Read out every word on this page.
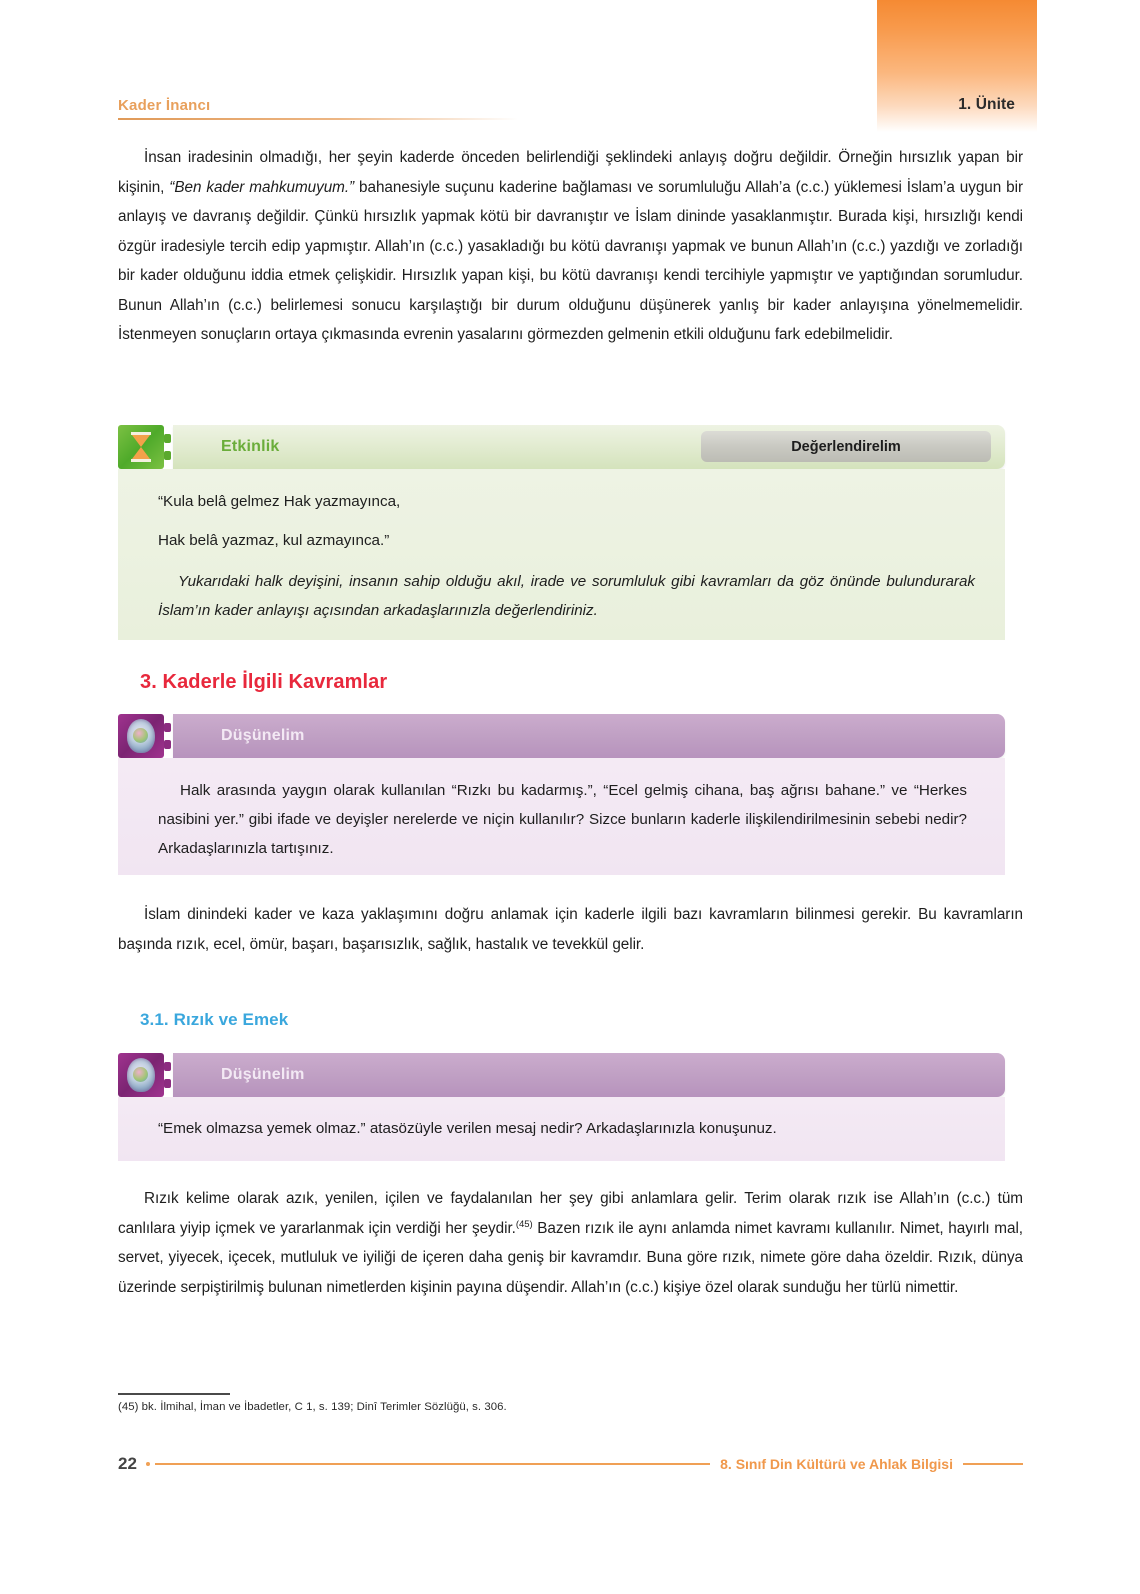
1. Ünite
Kader İnancı

İnsan iradesinin olmadığı, her şeyin kaderde önceden belirlendiği şeklindeki anlayış doğru değildir. Örneğin hırsızlık yapan bir kişinin, “Ben kader mahkumuyum.” bahanesiyle suçunu kaderine bağlaması ve sorumluluğu Allah’a (c.c.) yüklemesi İslam’a uygun bir anlayış ve davranış değildir. Çünkü hırsızlık yapmak kötü bir davranıştır ve İslam dininde yasaklanmıştır. Burada kişi, hırsızlığı kendi özgür iradesiyle tercih edip yapmıştır. Allah’ın (c.c.) yasakladığı bu kötü davranışı yapmak ve bunun Allah’ın (c.c.) yazdığı ve zorladığı bir kader olduğunu iddia etmek çelişkidir. Hırsızlık yapan kişi, bu kötü davranışı kendi tercihiyle yapmıştır ve yaptığından sorumludur. Bunun Allah’ın (c.c.) belirlemesi sonucu karşılaştığı bir durum olduğunu düşünerek yanlış bir kader anlayışına yönelmemelidir. İstenmeyen sonuçların ortaya çıkmasında evrenin yasalarını görmezden gelmenin etkili olduğunu fark edebilmelidir.

İslam dinindeki kader ve kaza yaklaşımını doğru anlamak için kaderle ilgili bazı kavramların bilinmesi gerekir. Bu kavramların başında rızık, ecel, ömür, başarı, başarısızlık, sağlık, hastalık ve tevekkül gelir.

Rızık kelime olarak azık, yenilen, içilen ve faydalanılan her şey gibi anlamlara gelir. Terim olarak rızık ise Allah’ın (c.c.) tüm canlılara yiyip içmek ve yararlanmak için verdiği her şeydir.$^{(45)}$ Bazen rızık ile aynı anlamda nimet kavramı kullanılır. Nimet, hayırlı mal, servet, yiyecek, içecek, mutluluk ve iyiliği de içeren daha geniş bir kavramdır. Buna göre rızık, nimete göre daha özeldir. Rızık, dünya üzerinde serpiştirilmiş bulunan nimetlerden kişinin payına düşendir. Allah’ın (c.c.) kişiye özel olarak sunduğu her türlü nimettir.

Etkinlik	Değerlendirelim

“Kula belâ gelmez Hak yazmayınca,

Hak belâ yazmaz, kul azmayınca.”

Yukarıdaki halk deyişini, insanın sahip olduğu akıl, irade ve sorumluluk gibi kavramları da göz önünde bulundurarak İslam’ın kader anlayışı açısından arkadaşlarınızla değerlendiriniz.

3. Kaderle İlgili Kavramlar
Düşünelim

Halk arasında yaygın olarak kullanılan “Rızkı bu kadarmış.”, “Ecel gelmiş cihana, baş ağrısı bahane.” ve “Herkes nasibini yer.” gibi ifade ve deyişler nerelerde ve niçin kullanılır? Sizce bunların kaderle ilişkilendirilmesinin sebebi nedir? Arkadaşlarınızla tartışınız.

3.1. Rızık ve Emek
Düşünelim

“Emek olmazsa yemek olmaz.” atasözüyle verilen mesaj nedir? Arkadaşlarınızla konuşunuz.

(45) bk. İlmihal, İman ve İbadetler, C 1, s. 139; Dinî Terimler Sözlüğü, s. 306.
22	8. Sınıf Din Kültürü ve Ahlak Bilgisi
